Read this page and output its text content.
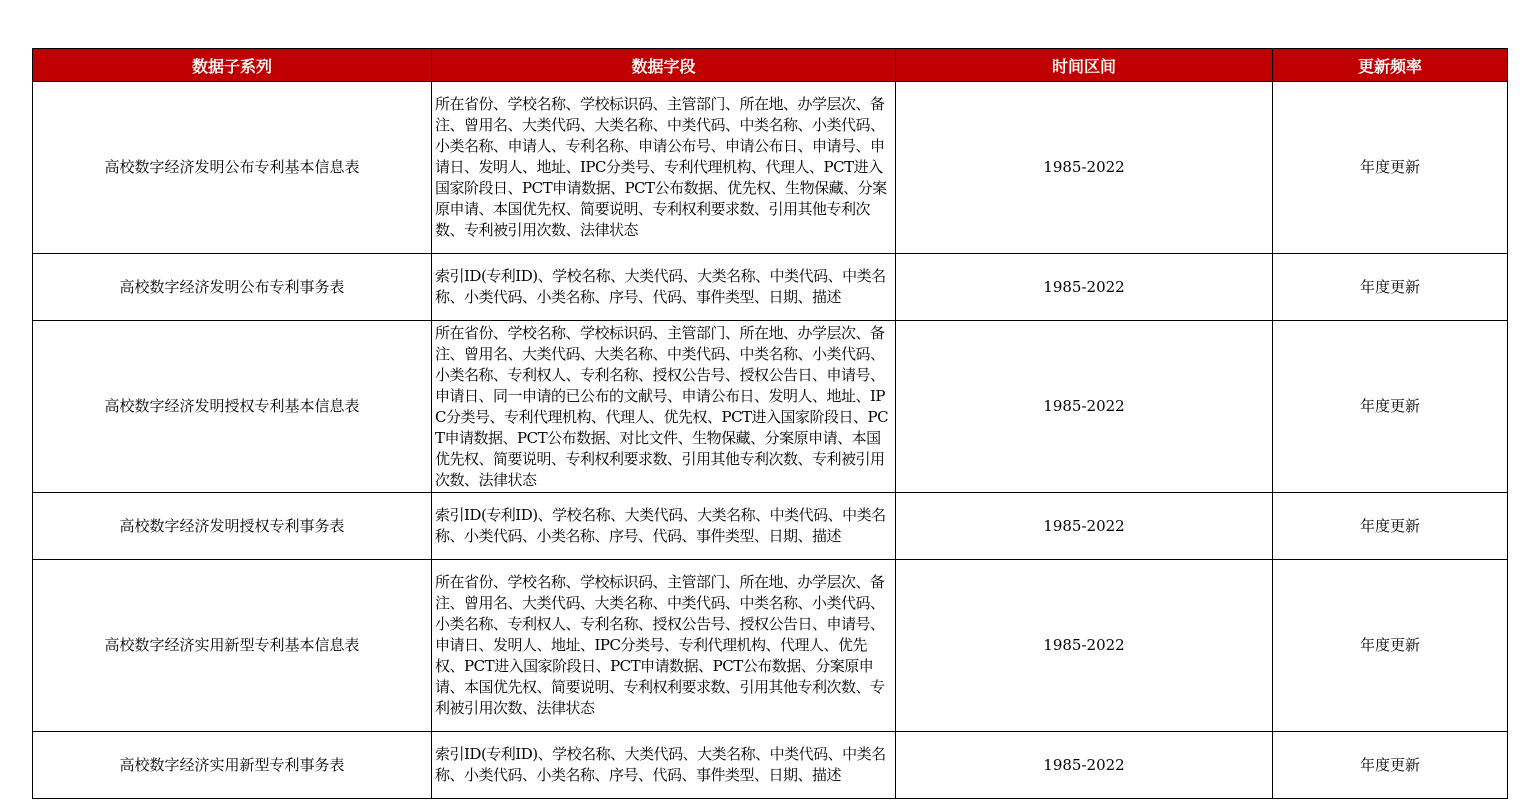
数据子系列	数据字段	时间区间	更新频率
高校数字经济发明公布专利基本信息表	所在省份、学校名称、学校标识码、主管部门、所在地、办学层次、备注、曾用名、大类代码、大类名称、中类代码、中类名称、小类代码、小类名称、申请人、专利名称、申请公布号、申请公布日、申请号、申请日、发明人、地址、IPC分类号、专利代理机构、代理人、PCT进入国家阶段日、PCT申请数据、PCT公布数据、优先权、生物保藏、分案原申请、本国优先权、简要说明、专利权利要求数、引用其他专利次数、专利被引用次数、法律状态	1985-2022	年度更新
高校数字经济发明公布专利事务表	索引ID(专利ID)、学校名称、大类代码、大类名称、中类代码、中类名称、小类代码、小类名称、序号、代码、事件类型、日期、描述	1985-2022	年度更新
高校数字经济发明授权专利基本信息表	所在省份、学校名称、学校标识码、主管部门、所在地、办学层次、备注、曾用名、大类代码、大类名称、中类代码、中类名称、小类代码、小类名称、专利权人、专利名称、授权公告号、授权公告日、申请号、申请日、同一申请的已公布的文献号、申请公布日、发明人、地址、IPC分类号、专利代理机构、代理人、优先权、PCT进入国家阶段日、PCT申请数据、PCT公布数据、对比文件、生物保藏、分案原申请、本国优先权、简要说明、专利权利要求数、引用其他专利次数、专利被引用次数、法律状态	1985-2022	年度更新
高校数字经济发明授权专利事务表	索引ID(专利ID)、学校名称、大类代码、大类名称、中类代码、中类名称、小类代码、小类名称、序号、代码、事件类型、日期、描述	1985-2022	年度更新
高校数字经济实用新型专利基本信息表	所在省份、学校名称、学校标识码、主管部门、所在地、办学层次、备注、曾用名、大类代码、大类名称、中类代码、中类名称、小类代码、小类名称、专利权人、专利名称、授权公告号、授权公告日、申请号、申请日、发明人、地址、IPC分类号、专利代理机构、代理人、优先权、PCT进入国家阶段日、PCT申请数据、PCT公布数据、分案原申请、本国优先权、简要说明、专利权利要求数、引用其他专利次数、专利被引用次数、法律状态	1985-2022	年度更新
高校数字经济实用新型专利事务表	索引ID(专利ID)、学校名称、大类代码、大类名称、中类代码、中类名称、小类代码、小类名称、序号、代码、事件类型、日期、描述	1985-2022	年度更新
